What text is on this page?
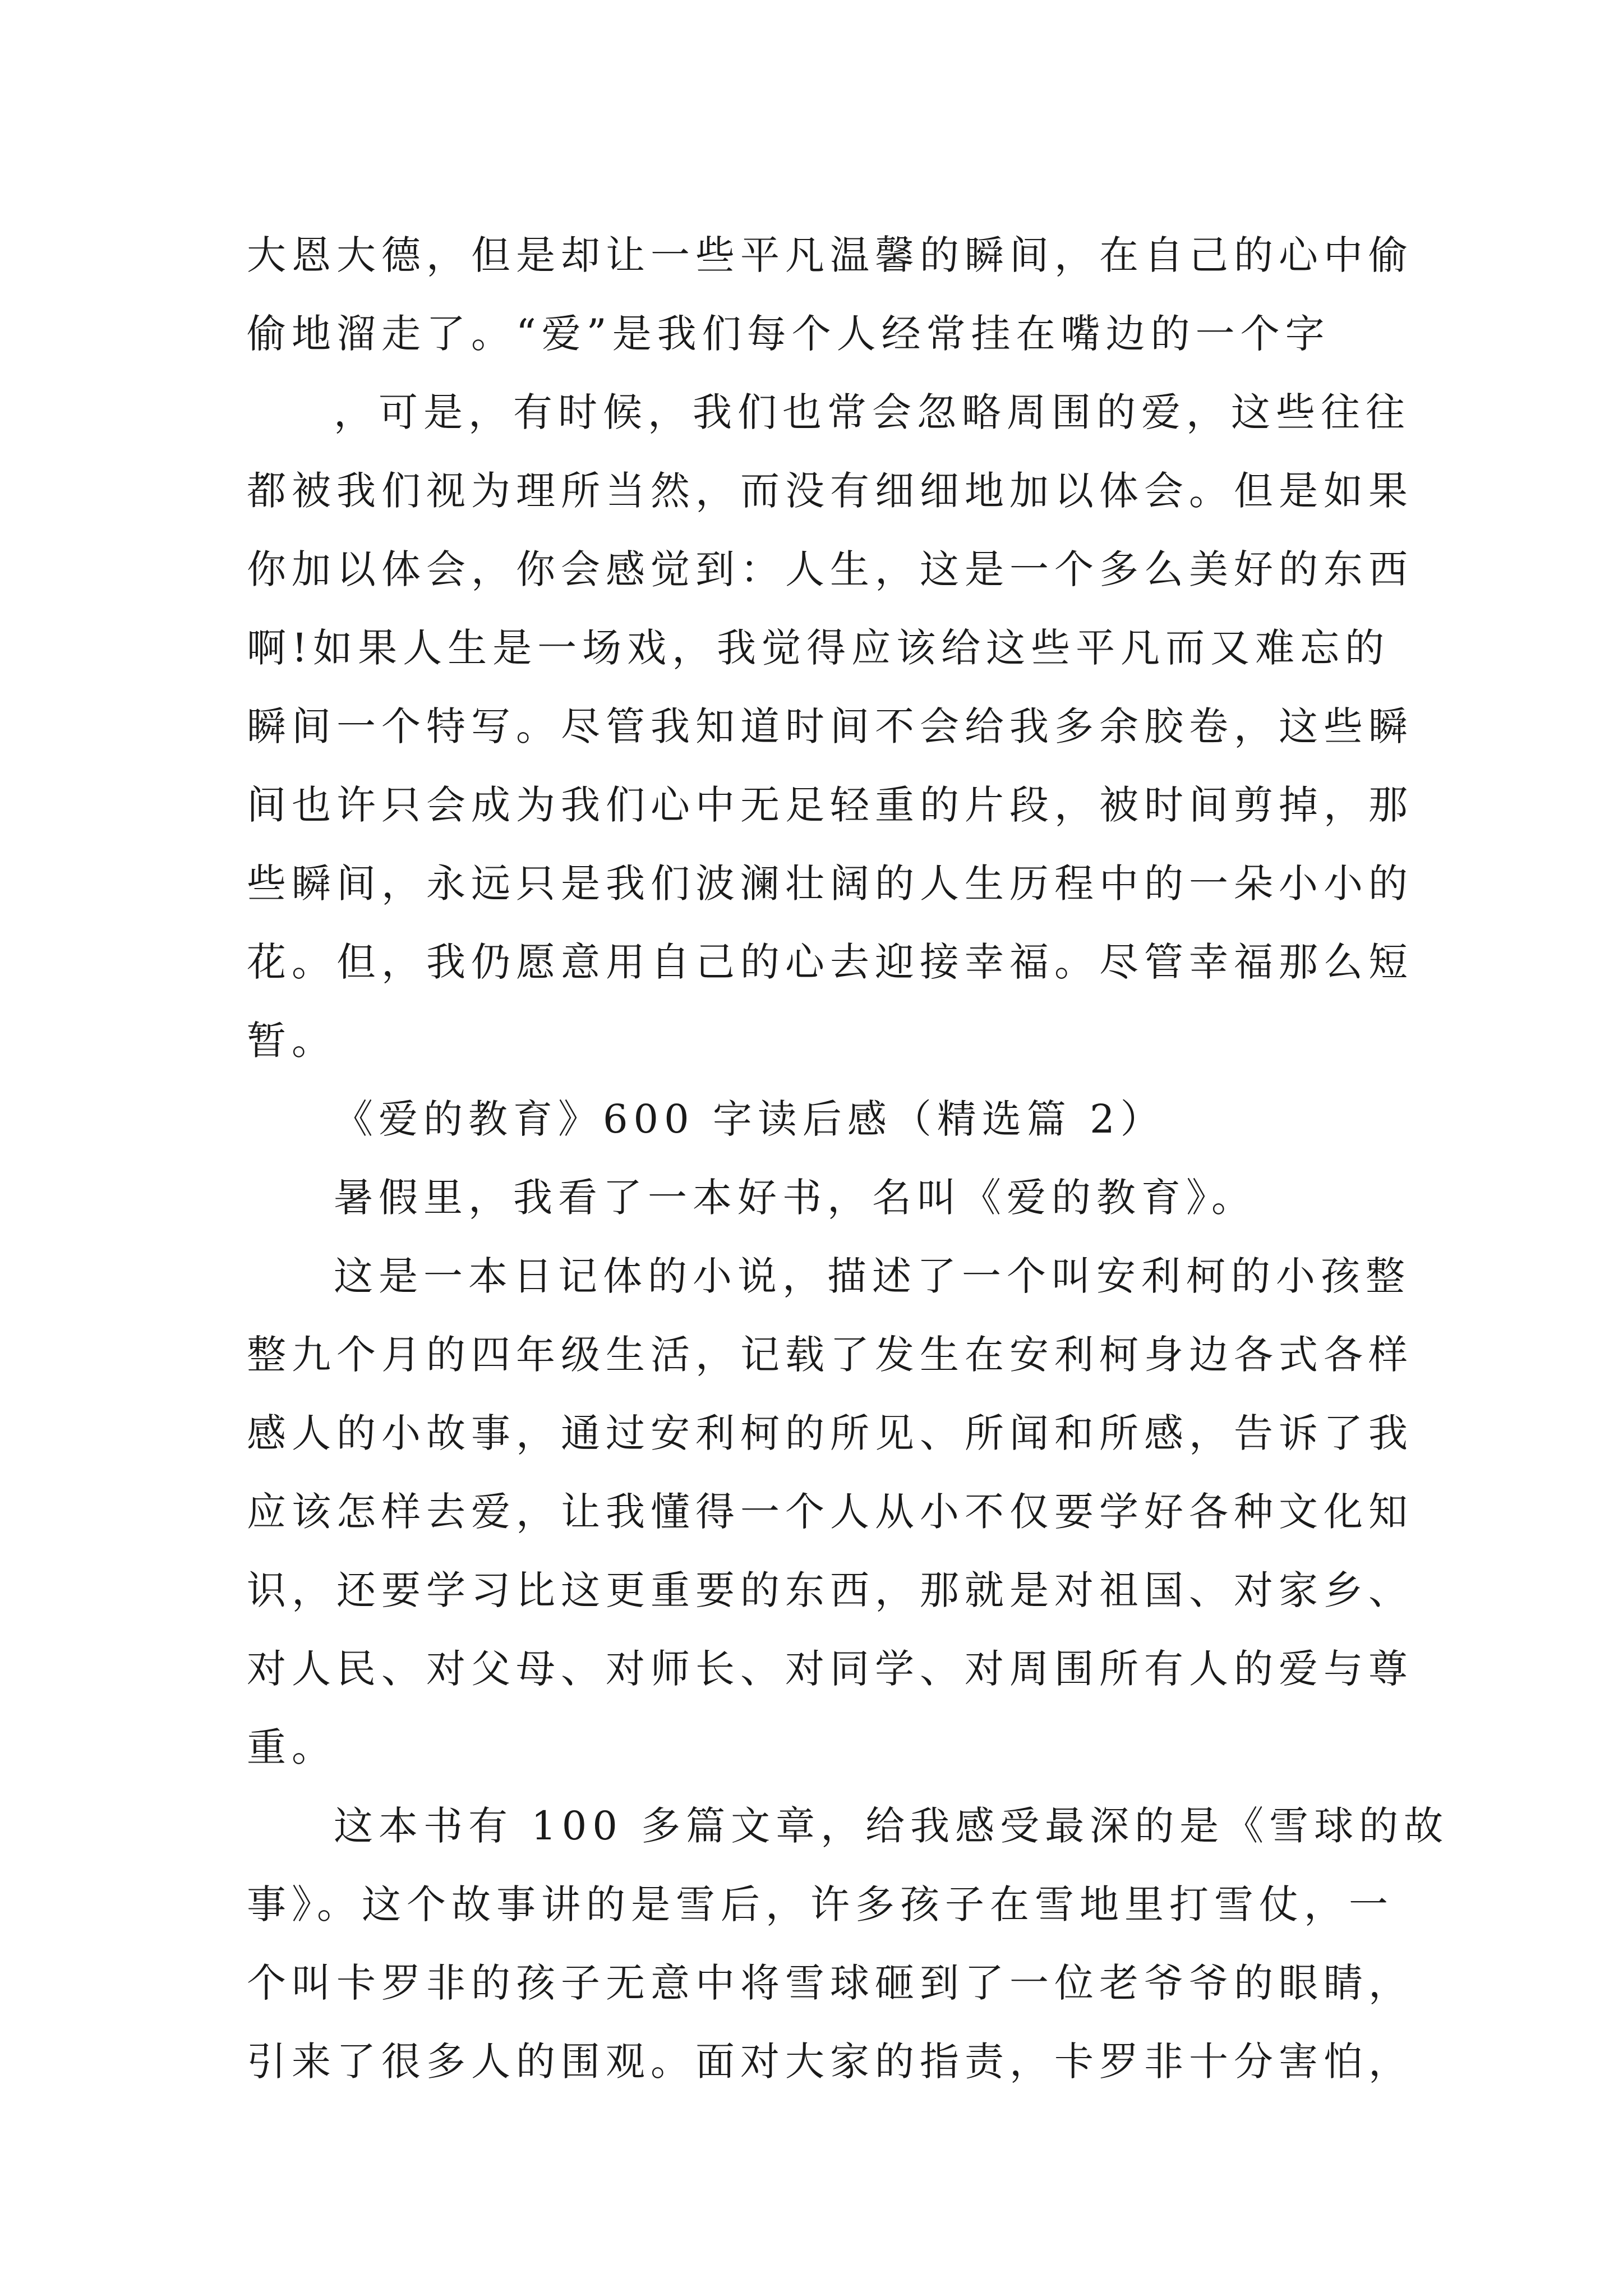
大恩大德，但是却让一些平凡温馨的瞬间，在自己的心中偷
偷地溜走了。“爱”是我们每个人经常挂在嘴边的一个字
，可是，有时候，我们也常会忽略周围的爱，这些往往
都被我们视为理所当然，而没有细细地加以体会。但是如果
你加以体会，你会感觉到：人生，这是一个多么美好的东西
啊!如果人生是一场戏，我觉得应该给这些平凡而又难忘的
瞬间一个特写。尽管我知道时间不会给我多余胶卷，这些瞬
间也许只会成为我们心中无足轻重的片段，被时间剪掉，那
些瞬间，永远只是我们波澜壮阔的人生历程中的一朵小小的
花。但，我仍愿意用自己的心去迎接幸福。尽管幸福那么短
暂。
《爱的教育》600 字读后感（精选篇 2）
暑假里，我看了一本好书，名叫《爱的教育》。
这是一本日记体的小说，描述了一个叫安利柯的小孩整
整九个月的四年级生活，记载了发生在安利柯身边各式各样
感人的小故事，通过安利柯的所见、所闻和所感，告诉了我
应该怎样去爱，让我懂得一个人从小不仅要学好各种文化知
识，还要学习比这更重要的东西，那就是对祖国、对家乡、
对人民、对父母、对师长、对同学、对周围所有人的爱与尊
重。
这本书有 100 多篇文章，给我感受最深的是《雪球的故
事》。这个故事讲的是雪后，许多孩子在雪地里打雪仗，一
个叫卡罗非的孩子无意中将雪球砸到了一位老爷爷的眼睛，
引来了很多人的围观。面对大家的指责，卡罗非十分害怕，
